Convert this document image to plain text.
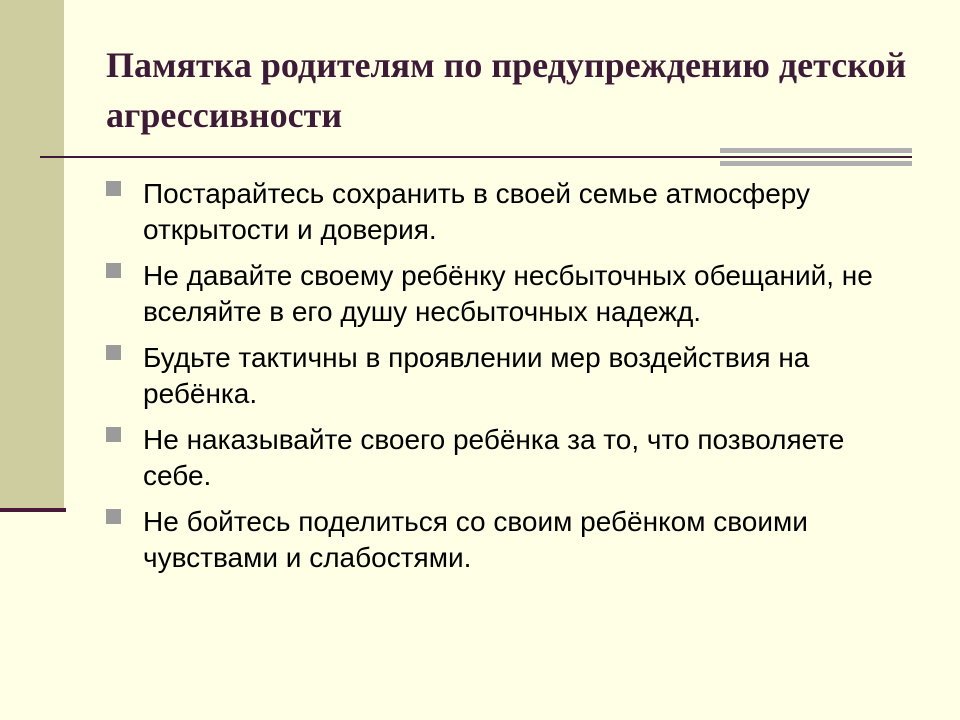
Памятка родителям по предупреждению детской агрессивности
Постарайтесь сохранить в своей семье атмосферу открытости и доверия.
Не давайте своему ребёнку несбыточных обещаний, не вселяйте в его душу несбыточных надежд.
Будьте тактичны в проявлении мер воздействия на ребёнка.
Не наказывайте своего ребёнка за то, что позволяете себе.
Не бойтесь поделиться со своим ребёнком своими чувствами и слабостями.
